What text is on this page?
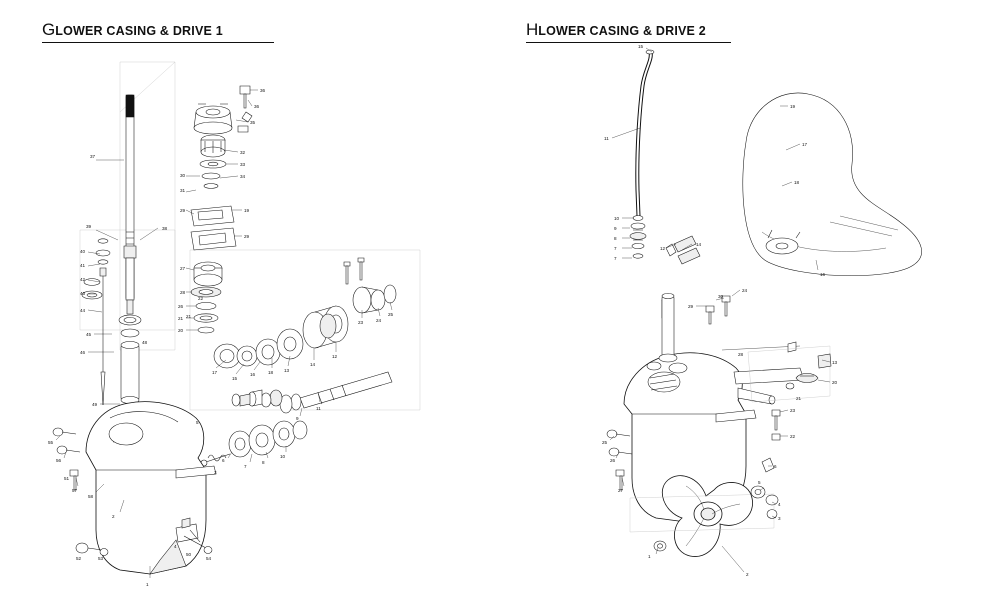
GLOWER CASING & DRIVE 1
37
39
40
41
42
43
44
45
46
49
48
38
31
30
29
27
28
26
21
20
32
33
34
19
29
35
36
36
17
15
16	18 13
14
12
23	24
25
9
11
6
7
8
10
55
56
57
58
1
2
5
22
21
3
4
51
52	53
50
54
HLOWER CASING & DRIVE 2
15
11
10
9
8
7
7
12
14
19
17
18
16
29
30
24
13
20
23
22
25
26
27
6
5
4
3
1
2
21
28
